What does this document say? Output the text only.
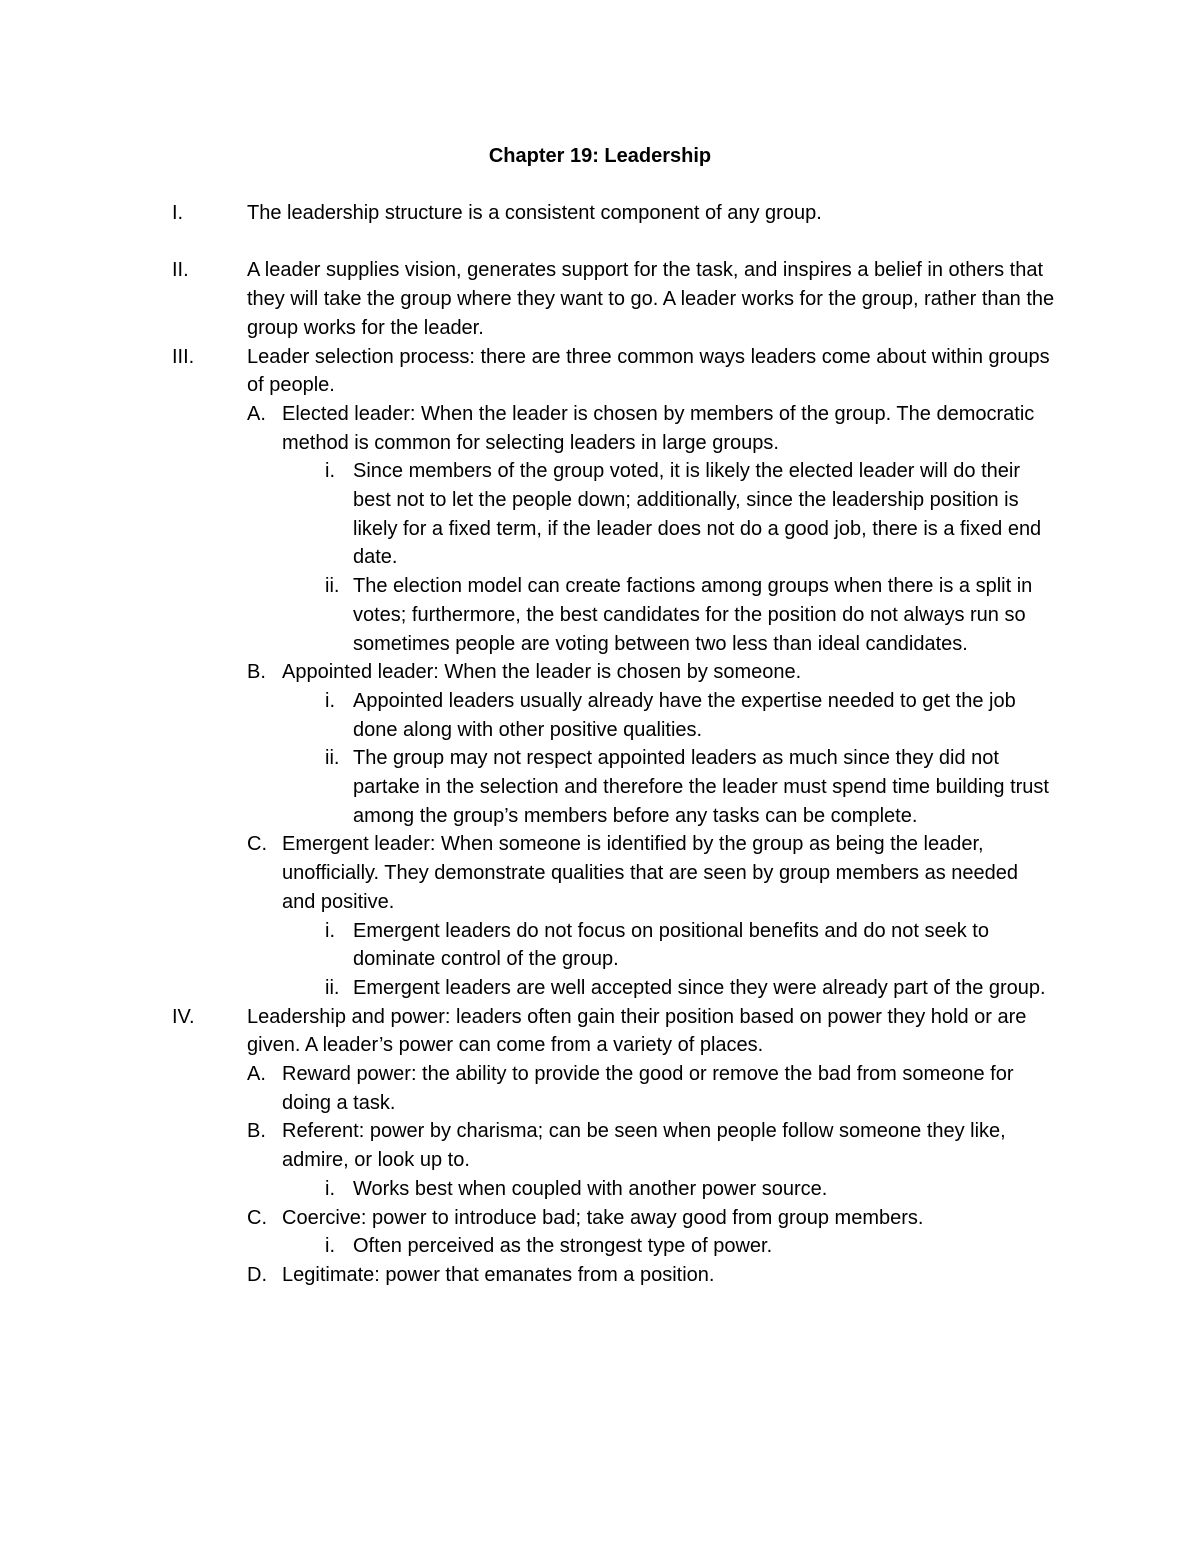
Chapter 19: Leadership
I.	The leadership structure is a consistent component of any group.
II.	A leader supplies vision, generates support for the task, and inspires a belief in others that they will take the group where they want to go. A leader works for the group, rather than the group works for the leader.
III.	Leader selection process: there are three common ways leaders come about within groups of people.
A. Elected leader: When the leader is chosen by members of the group. The democratic method is common for selecting leaders in large groups.
i. Since members of the group voted, it is likely the elected leader will do their best not to let the people down; additionally, since the leadership position is likely for a fixed term, if the leader does not do a good job, there is a fixed end date.
ii. The election model can create factions among groups when there is a split in votes; furthermore, the best candidates for the position do not always run so sometimes people are voting between two less than ideal candidates.
B. Appointed leader: When the leader is chosen by someone.
i. Appointed leaders usually already have the expertise needed to get the job done along with other positive qualities.
ii. The group may not respect appointed leaders as much since they did not partake in the selection and therefore the leader must spend time building trust among the group’s members before any tasks can be complete.
C. Emergent leader: When someone is identified by the group as being the leader, unofficially. They demonstrate qualities that are seen by group members as needed and positive.
i. Emergent leaders do not focus on positional benefits and do not seek to dominate control of the group.
ii. Emergent leaders are well accepted since they were already part of the group.
IV.	Leadership and power: leaders often gain their position based on power they hold or are given. A leader’s power can come from a variety of places.
A. Reward power: the ability to provide the good or remove the bad from someone for doing a task.
B. Referent: power by charisma; can be seen when people follow someone they like, admire, or look up to.
i. Works best when coupled with another power source.
C. Coercive: power to introduce bad; take away good from group members.
i. Often perceived as the strongest type of power.
D. Legitimate: power that emanates from a position.
